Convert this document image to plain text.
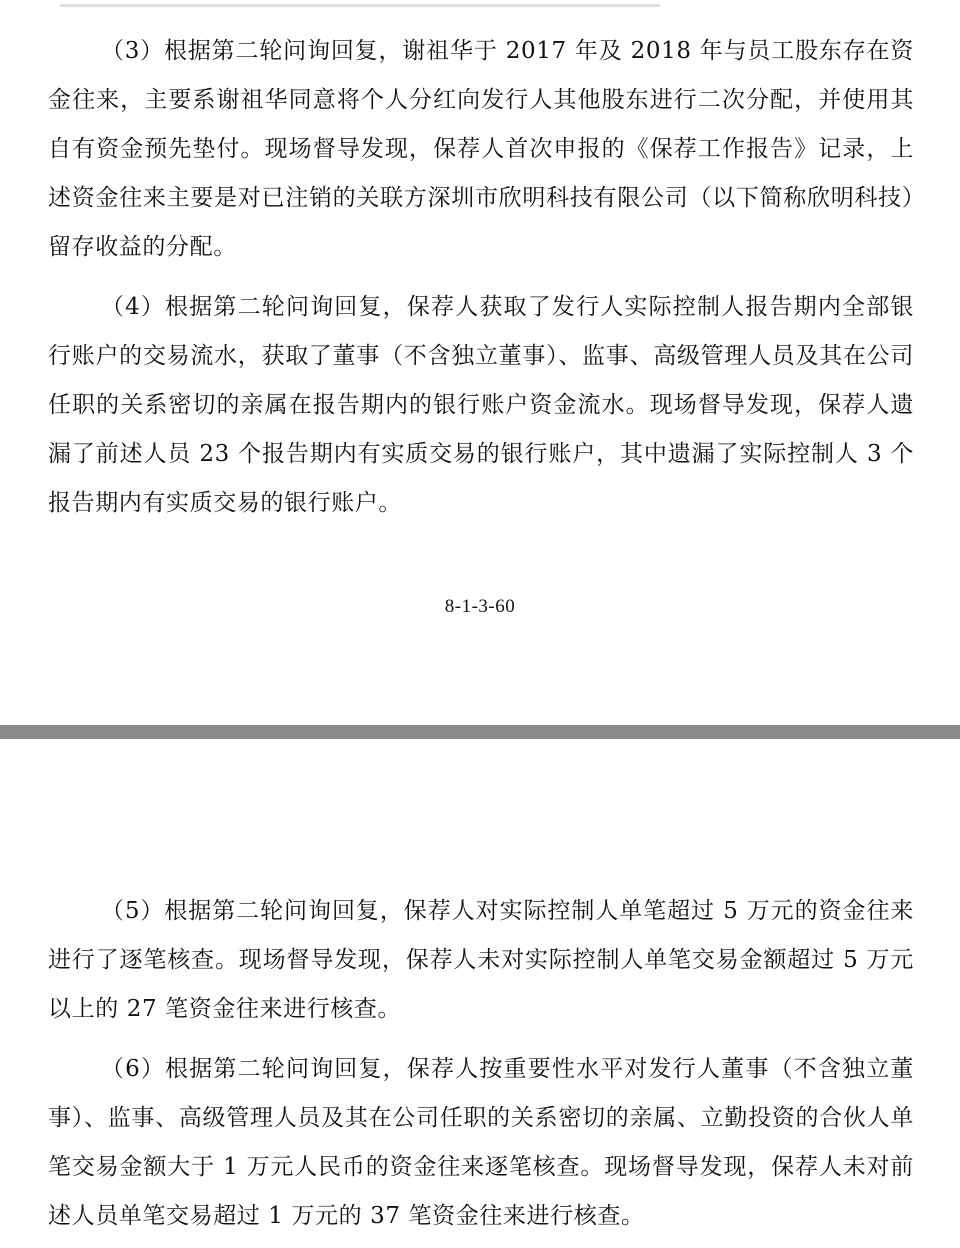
（3）根据第二轮问询回复，谢祖华于 2017 年及 2018 年与员工股东存在资金往来，主要系谢祖华同意将个人分红向发行人其他股东进行二次分配，并使用其自有资金预先垫付。现场督导发现，保荐人首次申报的《保荐工作报告》记录，上述资金往来主要是对已注销的关联方深圳市欣明科技有限公司（以下简称欣明科技）留存收益的分配。

（4）根据第二轮问询回复，保荐人获取了发行人实际控制人报告期内全部银行账户的交易流水，获取了董事（不含独立董事）、监事、高级管理人员及其在公司任职的关系密切的亲属在报告期内的银行账户资金流水。现场督导发现，保荐人遗漏了前述人员 23 个报告期内有实质交易的银行账户，其中遗漏了实际控制人 3 个报告期内有实质交易的银行账户。

8-1-3-60

（5）根据第二轮问询回复，保荐人对实际控制人单笔超过 5 万元的资金往来进行了逐笔核查。现场督导发现，保荐人未对实际控制人单笔交易金额超过 5 万元以上的 27 笔资金往来进行核查。

（6）根据第二轮问询回复，保荐人按重要性水平对发行人董事（不含独立董事）、监事、高级管理人员及其在公司任职的关系密切的亲属、立勤投资的合伙人单笔交易金额大于 1 万元人民币的资金往来逐笔核查。现场督导发现，保荐人未对前述人员单笔交易超过 1 万元的 37 笔资金往来进行核查。
